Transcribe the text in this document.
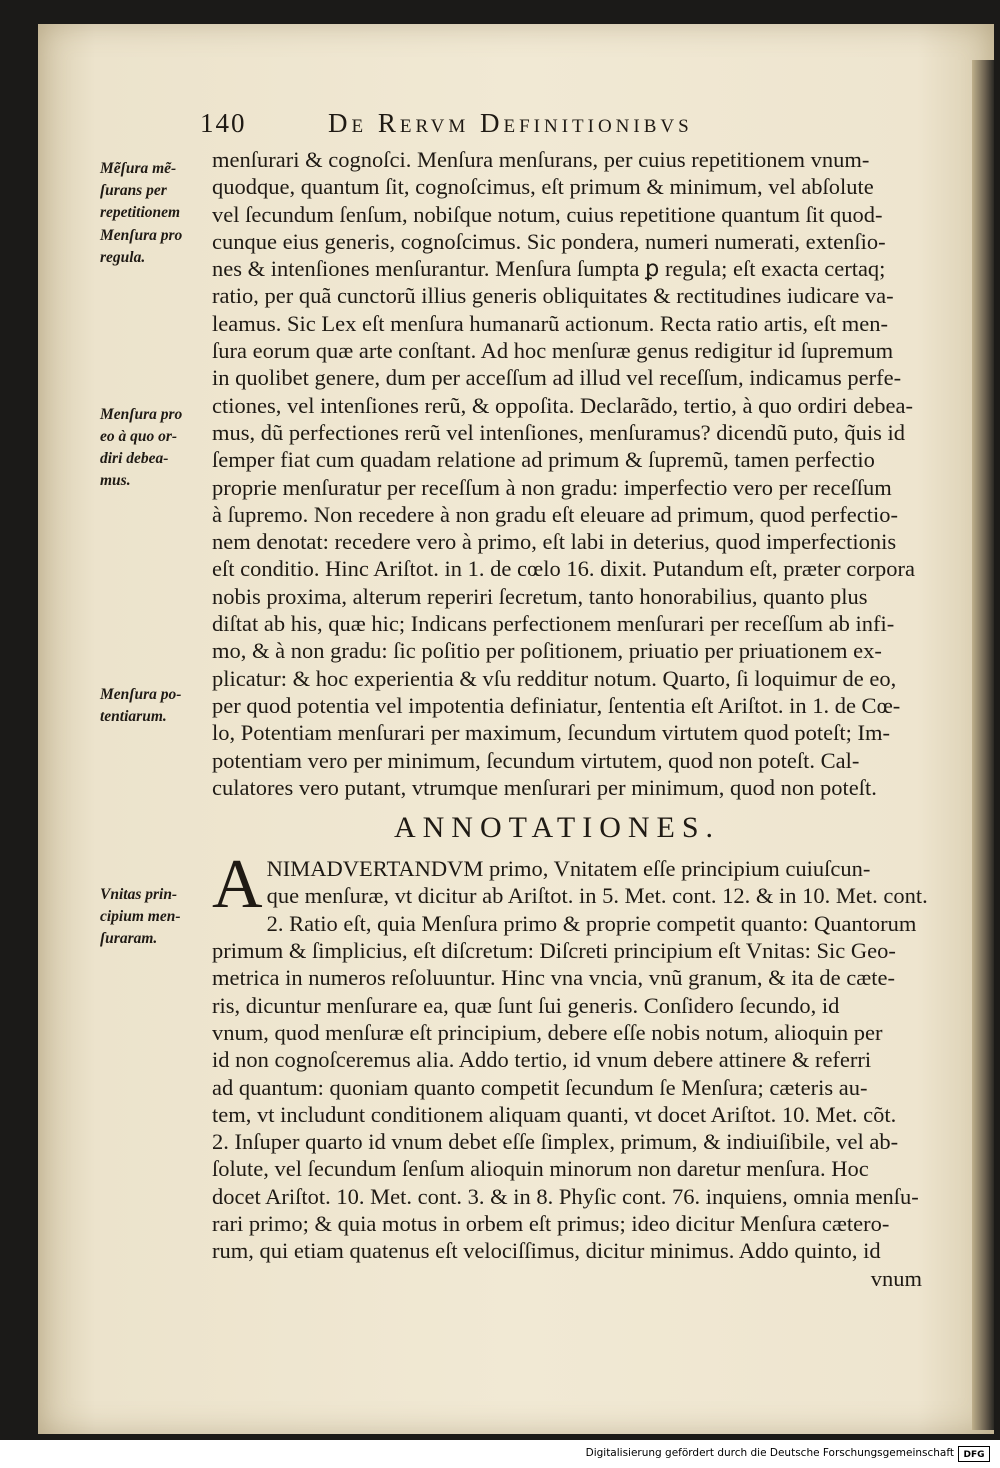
140	De Rervm Definitionibvs
Mẽſura mẽ-
ſurans per
repetitionem
Menſura pro
regula.
Menſura pro
eo à quo or-
diri debea-
mus.
Menſura po-
tentiarum.
Vnitas prin-
cipium men-
ſuraram.
menſurari & cognoſci. Menſura menſurans, per cuius repetitionem vnum-
quodque, quantum ſit, cognoſcimus, eſt primum & minimum, vel abſolute
vel ſecundum ſenſum, nobiſque notum, cuius repetitione quantum ſit quod-
cunque eius generis, cognoſcimus. Sic pondera, numeri numerati, extenſio-
nes & intenſiones menſurantur. Menſura ſumpta ꝑ regula; eſt exacta certaq;
ratio, per quã cunctorũ illius generis obliquitates & rectitudines iudicare va-
leamus. Sic Lex eſt menſura humanarũ actionum. Recta ratio artis, eſt men-
ſura eorum quæ arte conſtant. Ad hoc menſuræ genus redigitur id ſupremum
in quolibet genere, dum per acceſſum ad illud vel receſſum, indicamus perfe-
ctiones, vel intenſiones rerũ, & oppoſita. Declarãdo, tertio, à quo ordiri debea-
mus, dũ perfectiones rerũ vel intenſiones, menſuramus? dicendũ puto, q̃uis id
ſemper fiat cum quadam relatione ad primum & ſupremũ, tamen perfectio
proprie menſuratur per receſſum à non gradu: imperfectio vero per receſſum
à ſupremo. Non recedere à non gradu eſt eleuare ad primum, quod perfectio-
nem denotat: recedere vero à primo, eſt labi in deterius, quod imperfectionis
eſt conditio. Hinc Ariſtot. in 1. de cœlo 16. dixit. Putandum eſt, præter corpora
nobis proxima, alterum reperiri ſecretum, tanto honorabilius, quanto plus
diſtat ab his, quæ hic; Indicans perfectionem menſurari per receſſum ab infi-
mo, & à non gradu: ſic poſitio per poſitionem, priuatio per priuationem ex-
plicatur: & hoc experientia & vſu redditur notum. Quarto, ſi loquimur de eo,
per quod potentia vel impotentia definiatur, ſententia eſt Ariſtot. in 1. de Cœ-
lo, Potentiam menſurari per maximum, ſecundum virtutem quod poteſt; Im-
potentiam vero per minimum, ſecundum virtutem, quod non poteſt. Cal-
culatores vero putant, vtrumque menſurari per minimum, quod non poteſt.
ANNOTATIONES.
A NIMADVERTANDVM primo, Vnitatem eſſe principium cuiuſcun-
que menſuræ, vt dicitur ab Ariſtot. in 5. Met. cont. 12. & in 10. Met. cont.
2. Ratio eſt, quia Menſura primo & proprie competit quanto: Quantorum
primum & ſimplicius, eſt diſcretum: Diſcreti principium eſt Vnitas: Sic Geo-
metrica in numeros reſoluuntur. Hinc vna vncia, vnũ granum, & ita de cæte-
ris, dicuntur menſurare ea, quæ ſunt ſui generis. Conſidero ſecundo, id
vnum, quod menſuræ eſt principium, debere eſſe nobis notum, alioquin per
id non cognoſceremus alia. Addo tertio, id vnum debere attinere & referri
ad quantum: quoniam quanto competit ſecundum ſe Menſura; cæteris au-
tem, vt includunt conditionem aliquam quanti, vt docet Ariſtot. 10. Met. cõt.
2. Inſuper quarto id vnum debet eſſe ſimplex, primum, & indiuiſibile, vel ab-
ſolute, vel ſecundum ſenſum alioquin minorum non daretur menſura. Hoc
docet Ariſtot. 10. Met. cont. 3. & in 8. Phyſic cont. 76. inquiens, omnia menſu-
rari primo; & quia motus in orbem eſt primus; ideo dicitur Menſura cætero-
rum, qui etiam quatenus eſt velociſſimus, dicitur minimus. Addo quinto, id
vnum
Digitalisierung gefördert durch die Deutsche Forschungsgemeinschaft	DFG
